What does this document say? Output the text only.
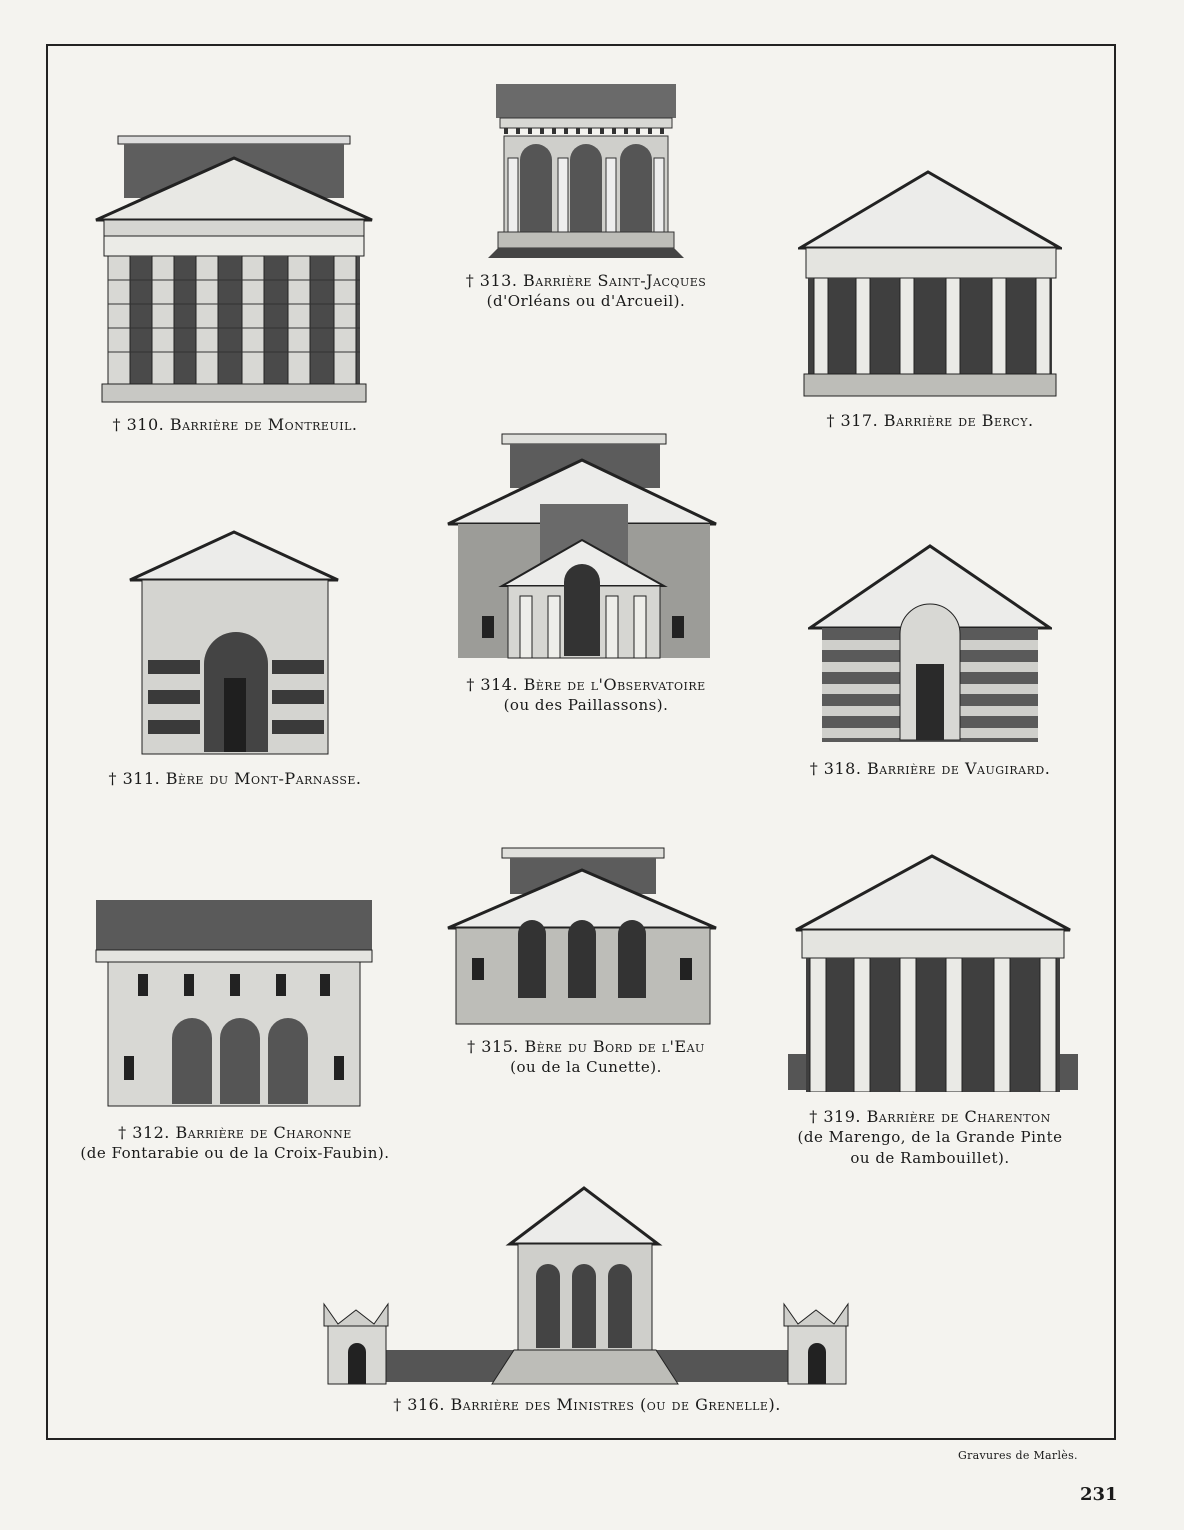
† 313. Barrière Saint-Jacques
(d'Orléans ou d'Arcueil).
† 310. Barrière de Montreuil.	† 317. Barrière de Bercy.
† 314. Bère de l'Observatoire
(ou des Paillassons).
† 311. Bère du Mont-Parnasse.
† 318. Barrière de Vaugirard.
† 315. Bère du Bord de l'Eau
(ou de la Cunette).
† 312. Barrière de Charonne
(de Fontarabie ou de la Croix-Faubin).
† 319. Barrière de Charenton
(de Marengo, de la Grande Pinte
ou de Rambouillet).
† 316. Barrière des Ministres (ou de Grenelle).
Gravures de Marlès.
231
